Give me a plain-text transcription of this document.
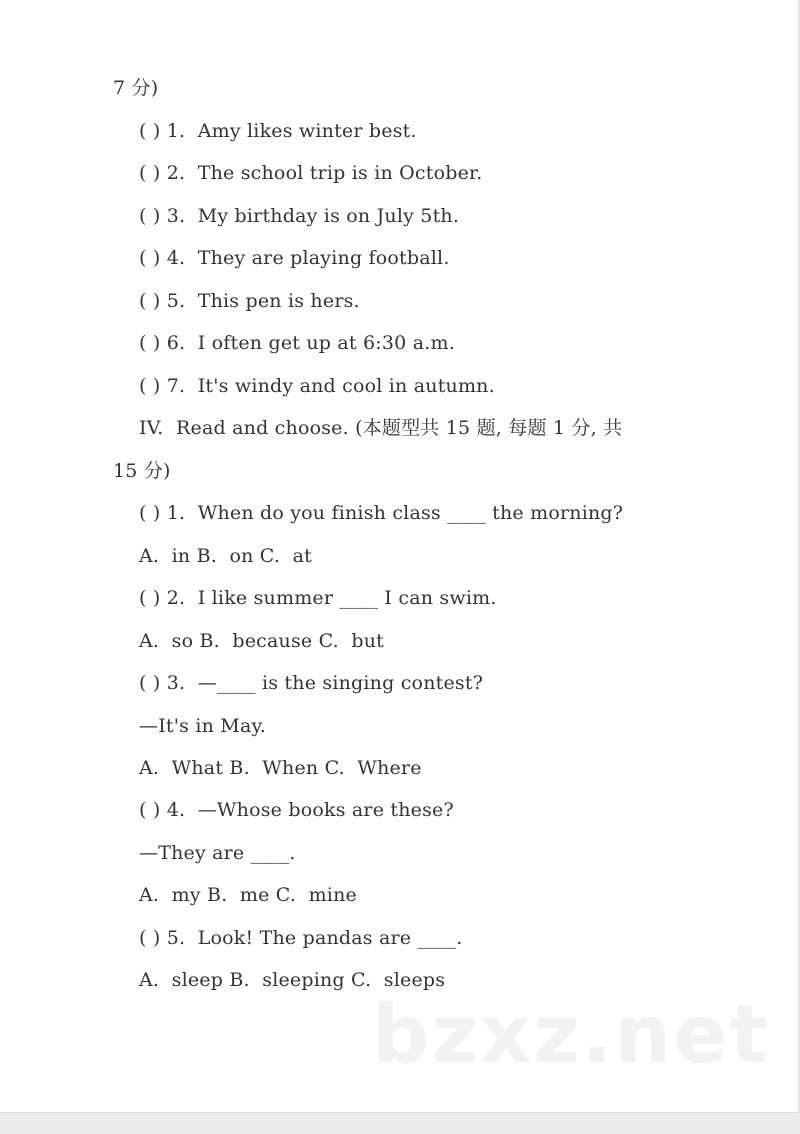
7 分)
( ) 1.  Amy likes winter best.
( ) 2.  The school trip is in October.
( ) 3.  My birthday is on July 5th.
( ) 4.  They are playing football.
( ) 5.  This pen is hers.
( ) 6.  I often get up at 6:30 a.m.
( ) 7.  It's windy and cool in autumn.
IV.  Read and choose. (本题型共 15 题, 每题 1 分, 共
15 分)
( ) 1.  When do you finish class ____ the morning?
A.  in B.  on C.  at
( ) 2.  I like summer ____ I can swim.
A.  so B.  because C.  but
( ) 3.  —____ is the singing contest?
—It's in May.
A.  What B.  When C.  Where
( ) 4.  —Whose books are these?
—They are ____.
A.  my B.  me C.  mine
( ) 5.  Look! The pandas are ____.
A.  sleep B.  sleeping C.  sleeps
bzxz.net
